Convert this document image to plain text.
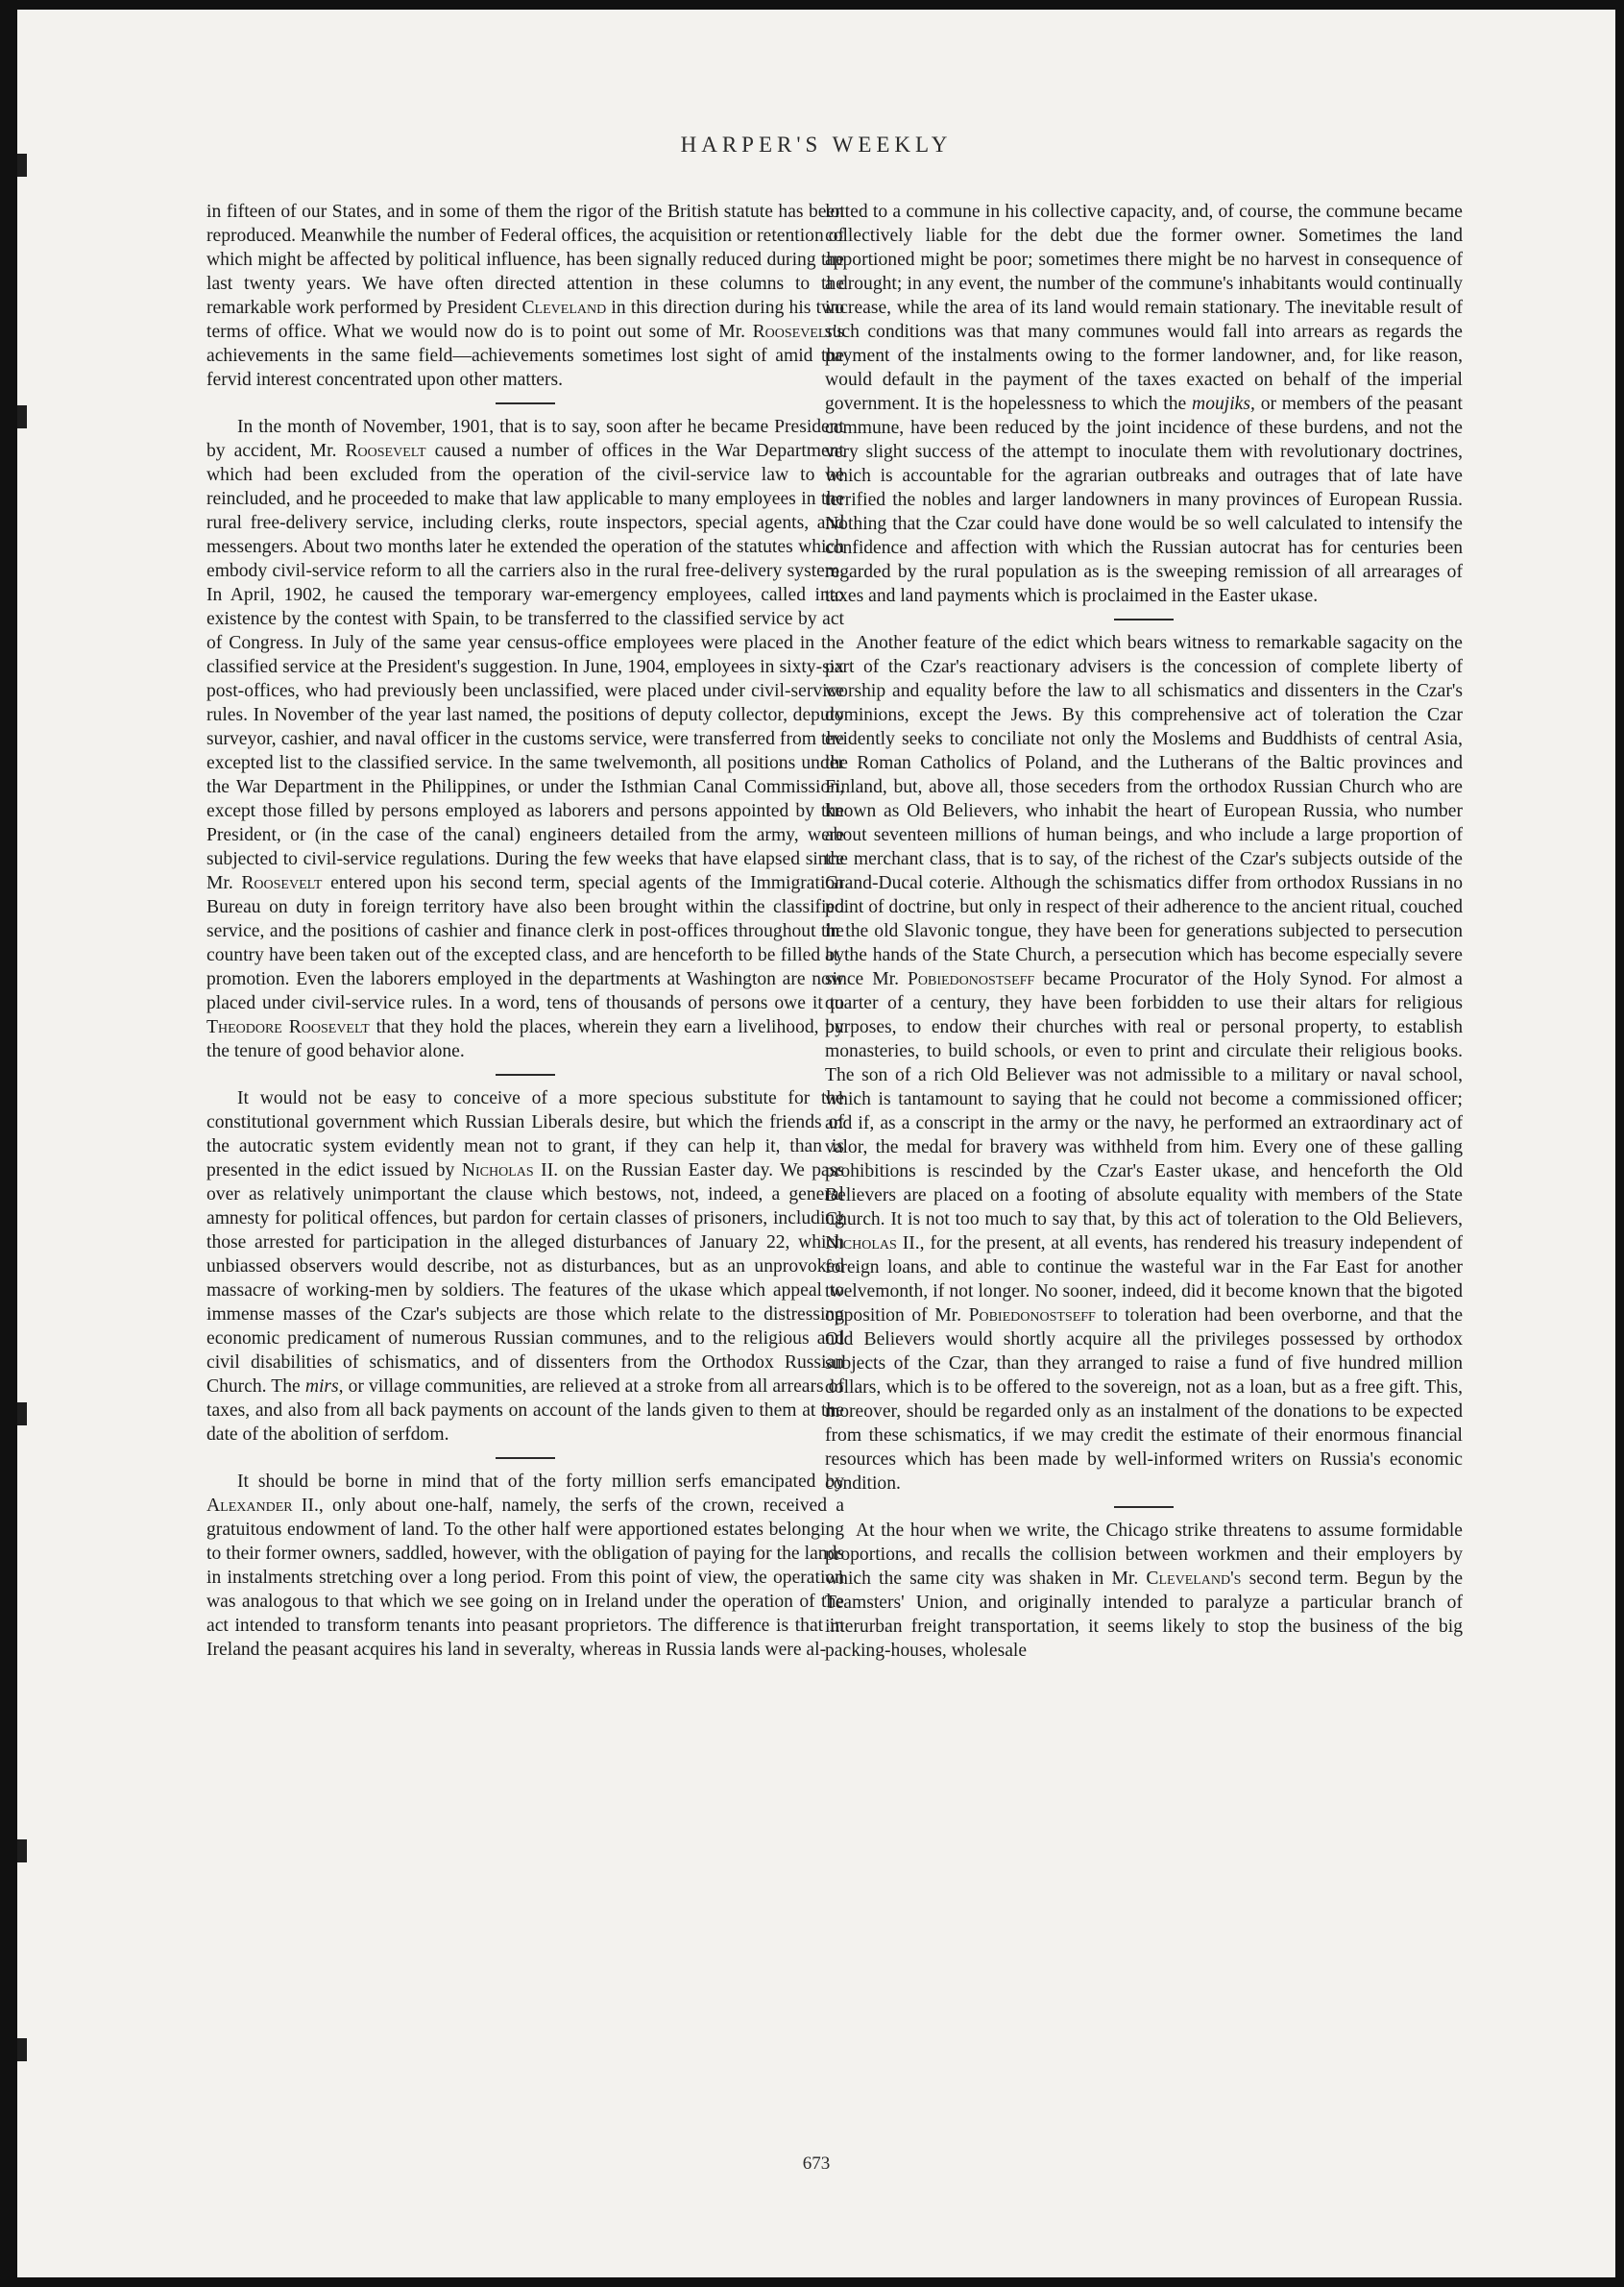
HARPER'S WEEKLY

in fifteen of our States, and in some of them the rigor of the British statute has been reproduced. Meanwhile the number of Federal offices, the acquisition or retention of which might be affected by political influence, has been signally reduced during the last twenty years. We have often directed attention in these columns to the remarkable work performed by President Cleveland in this direction during his two terms of office. What we would now do is to point out some of Mr. Roosevelt's achievements in the same field—achievements sometimes lost sight of amid the fervid interest concentrated upon other matters.

In the month of November, 1901, that is to say, soon after he became President by accident, Mr. Roosevelt caused a number of offices in the War Department which had been excluded from the operation of the civil-service law to be reincluded, and he proceeded to make that law applicable to many employees in the rural free-delivery service, including clerks, route inspectors, special agents, and messengers. About two months later he extended the operation of the statutes which embody civil-service reform to all the carriers also in the rural free-delivery system. In April, 1902, he caused the temporary war-emergency employees, called into existence by the contest with Spain, to be transferred to the classified service by act of Congress. In July of the same year census-office employees were placed in the classified service at the President's suggestion. In June, 1904, employees in sixty-six post-offices, who had previously been unclassified, were placed under civil-service rules. In November of the year last named, the positions of deputy collector, deputy surveyor, cashier, and naval officer in the customs service, were transferred from the excepted list to the classified service. In the same twelvemonth, all positions under the War Department in the Philippines, or under the Isthmian Canal Commission, except those filled by persons employed as laborers and persons appointed by the President, or (in the case of the canal) engineers detailed from the army, were subjected to civil-service regulations. During the few weeks that have elapsed since Mr. Roosevelt entered upon his second term, special agents of the Immigration Bureau on duty in foreign territory have also been brought within the classified service, and the positions of cashier and finance clerk in post-offices throughout the country have been taken out of the excepted class, and are henceforth to be filled by promotion. Even the laborers employed in the departments at Washington are now placed under civil-service rules. In a word, tens of thousands of persons owe it to Theodore Roosevelt that they hold the places, wherein they earn a livelihood, by the tenure of good behavior alone.

It would not be easy to conceive of a more specious substitute for the constitutional government which Russian Liberals desire, but which the friends of the autocratic system evidently mean not to grant, if they can help it, than is presented in the edict issued by Nicholas II. on the Russian Easter day. We pass over as relatively unimportant the clause which bestows, not, indeed, a general amnesty for political offences, but pardon for certain classes of prisoners, including those arrested for participation in the alleged disturbances of January 22, which unbiassed observers would describe, not as disturbances, but as an unprovoked massacre of working-men by soldiers. The features of the ukase which appeal to immense masses of the Czar's subjects are those which relate to the distressing economic predicament of numerous Russian communes, and to the religious and civil disabilities of schismatics, and of dissenters from the Orthodox Russian Church. The mirs, or village communities, are relieved at a stroke from all arrears of taxes, and also from all back payments on account of the lands given to them at the date of the abolition of serfdom.

It should be borne in mind that of the forty million serfs emancipated by Alexander II., only about one-half, namely, the serfs of the crown, received a gratuitous endowment of land. To the other half were apportioned estates belonging to their former owners, saddled, however, with the obligation of paying for the lands in instalments stretching over a long period. From this point of view, the operation was analogous to that which we see going on in Ireland under the operation of the act intended to transform tenants into peasant proprietors. The difference is that in Ireland the peasant acquires his land in severalty, whereas in Russia lands were al-

lotted to a commune in his collective capacity, and, of course, the commune became collectively liable for the debt due the former owner. Sometimes the land apportioned might be poor; sometimes there might be no harvest in consequence of a drought; in any event, the number of the commune's inhabitants would continually increase, while the area of its land would remain stationary. The inevitable result of such conditions was that many communes would fall into arrears as regards the payment of the instalments owing to the former landowner, and, for like reason, would default in the payment of the taxes exacted on behalf of the imperial government. It is the hopelessness to which the moujiks, or members of the peasant commune, have been reduced by the joint incidence of these burdens, and not the very slight success of the attempt to inoculate them with revolutionary doctrines, which is accountable for the agrarian outbreaks and outrages that of late have terrified the nobles and larger landowners in many provinces of European Russia. Nothing that the Czar could have done would be so well calculated to intensify the confidence and affection with which the Russian autocrat has for centuries been regarded by the rural population as is the sweeping remission of all arrearages of taxes and land payments which is proclaimed in the Easter ukase.

Another feature of the edict which bears witness to remarkable sagacity on the part of the Czar's reactionary advisers is the concession of complete liberty of worship and equality before the law to all schismatics and dissenters in the Czar's dominions, except the Jews. By this comprehensive act of toleration the Czar evidently seeks to conciliate not only the Moslems and Buddhists of central Asia, the Roman Catholics of Poland, and the Lutherans of the Baltic provinces and Finland, but, above all, those seceders from the orthodox Russian Church who are known as Old Believers, who inhabit the heart of European Russia, who number about seventeen millions of human beings, and who include a large proportion of the merchant class, that is to say, of the richest of the Czar's subjects outside of the Grand-Ducal coterie. Although the schismatics differ from orthodox Russians in no point of doctrine, but only in respect of their adherence to the ancient ritual, couched in the old Slavonic tongue, they have been for generations subjected to persecution at the hands of the State Church, a persecution which has become especially severe since Mr. Pobiedonostseff became Procurator of the Holy Synod. For almost a quarter of a century, they have been forbidden to use their altars for religious purposes, to endow their churches with real or personal property, to establish monasteries, to build schools, or even to print and circulate their religious books. The son of a rich Old Believer was not admissible to a military or naval school, which is tantamount to saying that he could not become a commissioned officer; and if, as a conscript in the army or the navy, he performed an extraordinary act of valor, the medal for bravery was withheld from him. Every one of these galling prohibitions is rescinded by the Czar's Easter ukase, and henceforth the Old Believers are placed on a footing of absolute equality with members of the State Church. It is not too much to say that, by this act of toleration to the Old Believers, Nicholas II., for the present, at all events, has rendered his treasury independent of foreign loans, and able to continue the wasteful war in the Far East for another twelvemonth, if not longer. No sooner, indeed, did it become known that the bigoted opposition of Mr. Pobiedonostseff to toleration had been overborne, and that the Old Believers would shortly acquire all the privileges possessed by orthodox subjects of the Czar, than they arranged to raise a fund of five hundred million dollars, which is to be offered to the sovereign, not as a loan, but as a free gift. This, moreover, should be regarded only as an instalment of the donations to be expected from these schismatics, if we may credit the estimate of their enormous financial resources which has been made by well-informed writers on Russia's economic condition.

At the hour when we write, the Chicago strike threatens to assume formidable proportions, and recalls the collision between workmen and their employers by which the same city was shaken in Mr. Cleveland's second term. Begun by the Teamsters' Union, and originally intended to paralyze a particular branch of interurban freight transportation, it seems likely to stop the business of the big packing-houses, wholesale

673
